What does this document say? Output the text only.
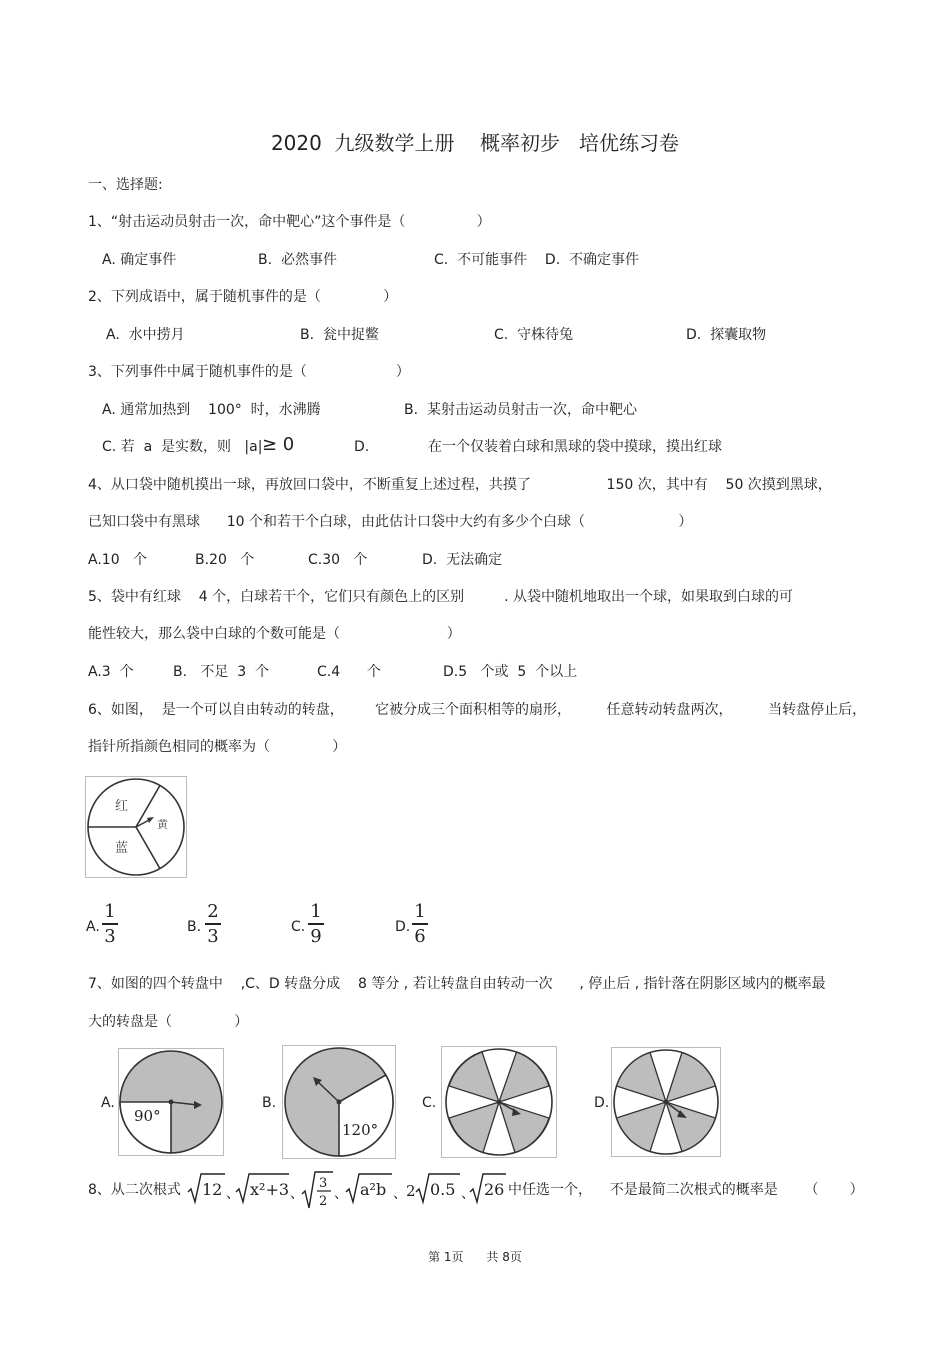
2020  九级数学上册    概率初步   培优练习卷
一、选择题:
1、“射击运动员射击一次，命中靶心”这个事件是（                ）
A. 确定事件	B.  必然事件	C.  不可能事件    D.  不确定事件
2、下列成语中，属于随机事件的是（              ）
A.  水中捞月	B.  瓮中捉鳖	C.  守株待兔	D.  探囊取物
3、下列事件中属于随机事件的是（                    ）
A. 通常加热到    100°  时，水沸腾	B.  某射击运动员射击一次，命中靶心
C. 若  a  是实数，则   |a| ≥ 0	D.	在一个仅装着白球和黑球的袋中摸球，摸出红球
4、从口袋中随机摸出一球，再放回口袋中，不断重复上述过程，共摸了                 150 次，其中有    50 次摸到黑球，
已知口袋中有黑球      10 个和若干个白球，由此估计口袋中大约有多少个白球（                     ）
A.10   个	B.20   个	C.30   个	D.  无法确定
5、袋中有红球    4 个，白球若干个，它们只有颜色上的区别         . 从袋中随机地取出一个球，如果取到白球的可
能性较大，那么袋中白球的个数可能是（                        ）
A.3  个	B.   不足  3  个	C.4      个	D.5   个或  5  个以上
6、如图，  是一个可以自由转动的转盘，       它被分成三个面积相等的扇形，        任意转动转盘两次，        当转盘停止后，
指针所指颜色相同的概率为（              ）
红
黄
蓝
A.
1
3	B.
2
3	C.
1
9	D.
1
6
7、如图的四个转盘中    ,C、D 转盘分成    8 等分 , 若让转盘自由转动一次      , 停止后 , 指针落在阴影区域内的概率最
大的转盘是（              ）
A.
90°
B.
120°
C.	D.
8、从二次根式 12 、 x²+3 、
3
2 、 a²b 、 2 0.5 、 26 中任选一个，    不是最简二次根式的概率是      （       ）
第 1页      共 8页
